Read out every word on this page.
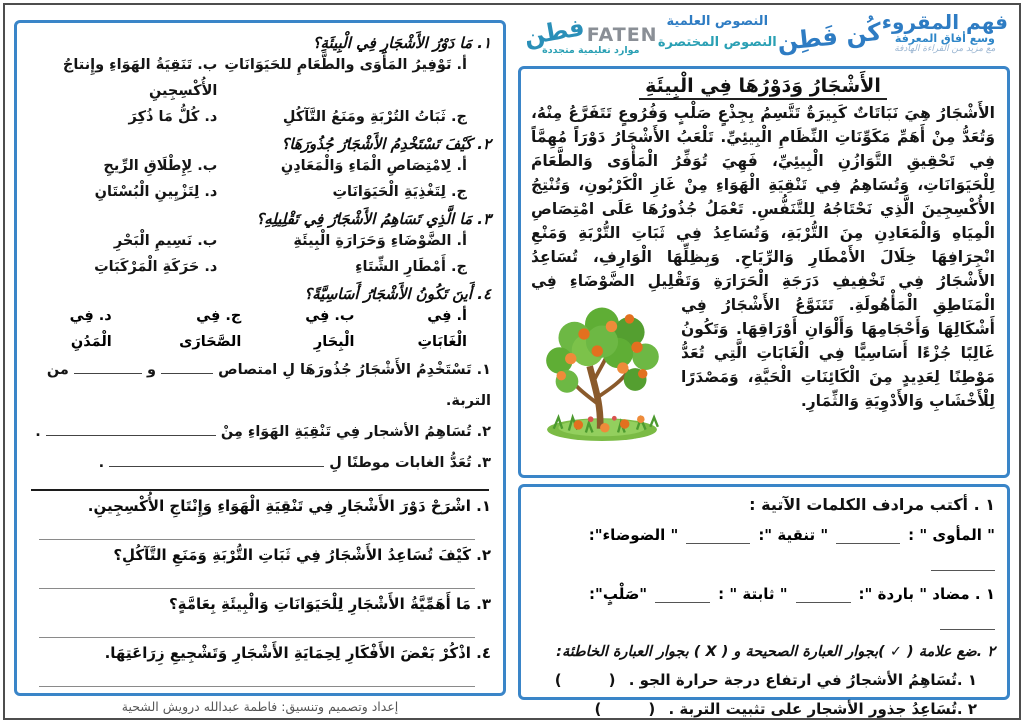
فهم المقروء
وسع أفاق المعرفة
مع مزيد من القراءة الهادفة
كُن فَطِن
النصوص العلمية
النصوص المختصرة
FATEN
فطن
موارد تعليمية متجددة
الأَشْجَارُ وَدَوْرُهَا فِي الْبِيئَةِ
الأَشْجَارُ هِيَ نَبَاتَاتٌ كَبِيرَةٌ تَتَّسِمُ بِجِذْعٍ صَلْبٍ وَفُرُوعٍ تَتَفَرَّعُ مِنْهُ، وَتُعَدُّ مِنْ أَهَمِّ مَكَوِّنَاتِ النِّظَامِ الْبِيئِيِّ. تَلْعَبُ الأَشْجَارُ دَوْرَاً مُهِمَّاً فِي تَحْقِيقِ التَّوَازُنِ الْبِيئِيِّ، فَهِيَ تُوَفِّرُ الْمَأْوَى وَالطَّعَامَ لِلْحَيَوَانَاتِ، وَتُسَاهِمُ فِي تَنْقِيَةِ الْهَوَاءِ مِنْ غَازِ الْكَرْبُونِ، وَتُنْتِجُ الأُكْسِجِينَ الَّذِي نَحْتَاجُهُ لِلتَّنَفُّسِ. تَعْمَلُ جُذُورُهَا عَلَى امْتِصَاصِ الْمِيَاهِ وَالْمَعَادِنِ مِنَ التُّرْبَةِ، وَتُسَاعِدُ فِي ثَبَاتِ التُّرْبَةِ وَمَنْعِ انْجِرَافِهَا خِلَالَ الأَمْطَارِ وَالرِّيَاحِ. وَبِظِلِّهَا الْوَارِفِ، تُسَاعِدُ الأَشْجَارُ فِي تَخْفِيفِ دَرَجَةِ الْحَرَارَةِ وَتَقْلِيلِ الضَّوْضَاءِ فِي الْمَنَاطِقِ الْمَأْهُولَةِ.
تَتَنَوَّعُ الأَشْجَارُ فِي أَشْكَالِهَا وَأَحْجَامِهَا وَأَلْوَانِ أَوْرَاقِهَا. وَتَكُونُ غَالِبًا جُزْءًا أَسَاسِيًّا فِي الْغَابَاتِ الَّتِي تُعَدُّ مَوْطِنًا لِعَدِيدٍ مِنَ الْكَائِنَاتِ الْحَيَّةِ، وَمَصْدَرًا لِلْأَخْشَابِ وَالأَدْوِيَةِ وَالثِّمَارِ.
١ . أكتب مرادف الكلمات الآتية :
" المأوى " :
" تنقية ":
" الضوضاء":
١ . مضاد " باردة ":
" ثابتة " :
"صَلْبٍ":
٢ .ضع علامة ( ✓ )بجوار العبارة الصحيحة و ( X ) بجوار العبارة الخاطئة:
١ .تُسَاهِمُ الأشجارُ في ارتفاع درجة حرارة الجو . (         )
٢ .تُسَاعِدُ جذور الأشجار على تثبيت التربة . (         )
١. مَا دَوْرُ الأَشْجَارِ فِي الْبِيئَةِ؟
أ. تَوْفِيرُ المَأْوَى والطَّعَامِ للحَيَوَانَاتِ
ب. تَنَقِيَةُ الهَوَاءِ وإِنتاجُ الأُكْسِجِينِ
ج. ثَبَاتُ التُرْبَةِ ومَنَعُ التَّآكُلِ
د. كُلُّ مَا ذُكِرَ
٢. كَيْفَ تَسْتَخْدِمُ الأَشْجَارُ جُذُورَهَا؟
أ. لِامْتِصَاصِ الْمَاءِ وَالْمَعَادِنِ
ب. لِإِطْلَاقِ الرِّيحِ
ج. لِتَغْذِيَةِ الْحَيَوَانَاتِ
د. لِتَزْيِينِ الْبُسْتَانِ
٣. مَا الَّذِي تَسَاهِمُ الأَشْجَارُ فِي تَقْلِيلِهِ؟
أ. الضَّوْضَاءِ وَحَرَارَةِ الْبِيئَةِ
ب. نَسِيمِ الْبَحْرِ
ج. أَمْطَارِ الشِّتَاءِ
د. حَرَكَةِ الْمَرْكَبَاتِ
٤. أَينَ تَكُونُ الأَشْجَارُ أَسَاسِيَّةً؟
أ. فِي الْغَابَاتِ
ب. فِي الْبِحَارِ
ج. فِي الصَّحَارَى
د. فِي الْمَدُنِ
١. تَسْتَخْدِمُ الأَشْجَارُ جُذُورَهَا لِ امتصاص  و  من التربة.
٢. تُسَاهِمُ الأشجار فِي تَنْقِيَةِ الهَوَاءِ مِنْ  .
٣. تُعَدُّ الغابات موطنًا لِ  .
١. اشْرَحْ دَوْرَ الأَشْجَارِ فِي تَنْقِيَةِ الْهَوَاءِ وَإِنْتَاجِ الأُكْسِجِينِ.
٢. كَيْفَ تُسَاعِدُ الأَشْجَارُ فِي ثَبَاتِ التُّرْبَةِ وَمَنَعِ التَّآكُلِ؟
٣. مَا أَهَمِّيَّةُ الأَشْجَارِ لِلْحَيَوَانَاتِ وَالْبِيئَةِ بِعَامَّةٍ؟
٤. اذْكُرْ بَعْضَ الأَفْكَارِ لِحِمَايَةِ الأَشْجَارِ وَتَشْجِيعِ زِرَاعَتِهَا.
إعداد وتصميم وتنسيق: فاطمة عبدالله درويش الشحية
